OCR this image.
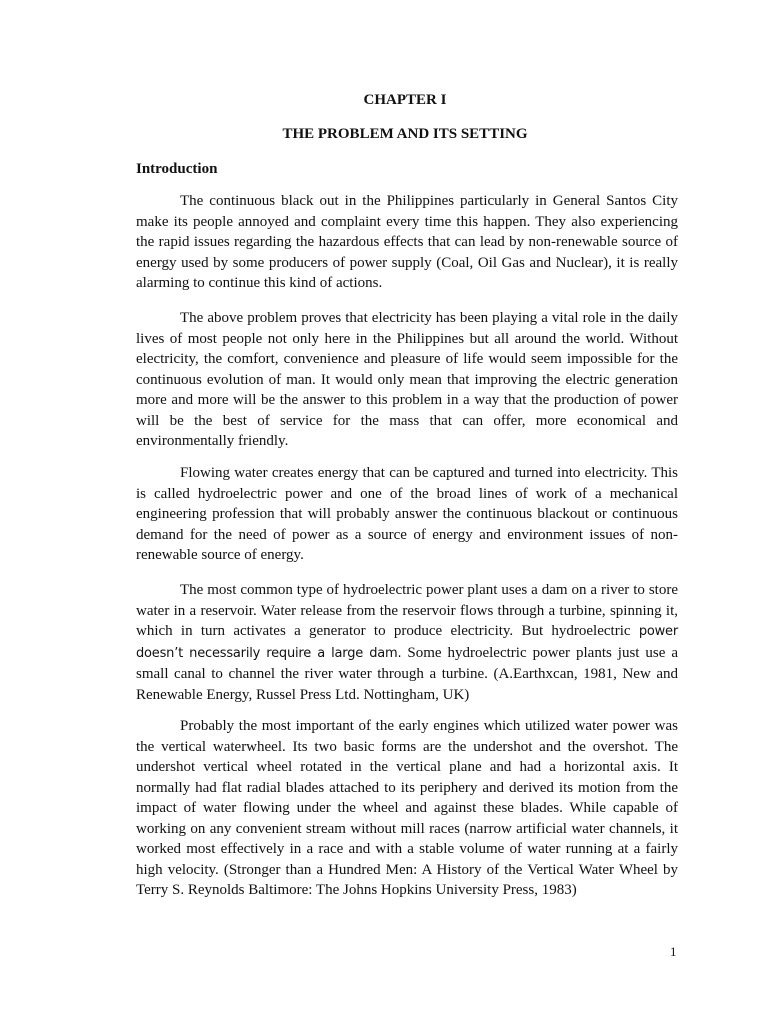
CHAPTER I
THE PROBLEM AND ITS SETTING
Introduction

The continuous black out in the Philippines particularly in General Santos City make its people annoyed and complaint every time this happen. They also experiencing the rapid issues regarding the hazardous effects that can lead by non-renewable source of energy used by some producers of power supply (Coal, Oil Gas and Nuclear), it is really alarming to continue this kind of actions.

The above problem proves that electricity has been playing a vital role in the daily lives of most people not only here in the Philippines but all around the world. Without electricity, the comfort, convenience and pleasure of life would seem impossible for the continuous evolution of man. It would only mean that improving the electric generation more and more will be the answer to this problem in a way that the production of power will be the best of service for the mass that can offer, more economical and environmentally friendly.

Flowing water creates energy that can be captured and turned into electricity. This is called hydroelectric power and one of the broad lines of work of a mechanical engineering profession that will probably answer the continuous blackout or continuous demand for the need of power as a source of energy and environment issues of non-renewable source of energy.

The most common type of hydroelectric power plant uses a dam on a river to store water in a reservoir. Water release from the reservoir flows through a turbine, spinning it, which in turn activates a generator to produce electricity. But hydroelectric power doesn’t necessarily require a large dam. Some hydroelectric power plants just use a small canal to channel the river water through a turbine. (A.Earthxcan, 1981, New and Renewable Energy, Russel Press Ltd. Nottingham, UK)

Probably the most important of the early engines which utilized water power was the vertical waterwheel. Its two basic forms are the undershot and the overshot. The undershot vertical wheel rotated in the vertical plane and had a horizontal axis. It normally had flat radial blades attached to its periphery and derived its motion from the impact of water flowing under the wheel and against these blades. While capable of working on any convenient stream without mill races (narrow artificial water channels, it worked most effectively in a race and with a stable volume of water running at a fairly high velocity. (Stronger than a Hundred Men: A History of the Vertical Water Wheel by Terry S. Reynolds Baltimore: The Johns Hopkins University Press, 1983)

1
